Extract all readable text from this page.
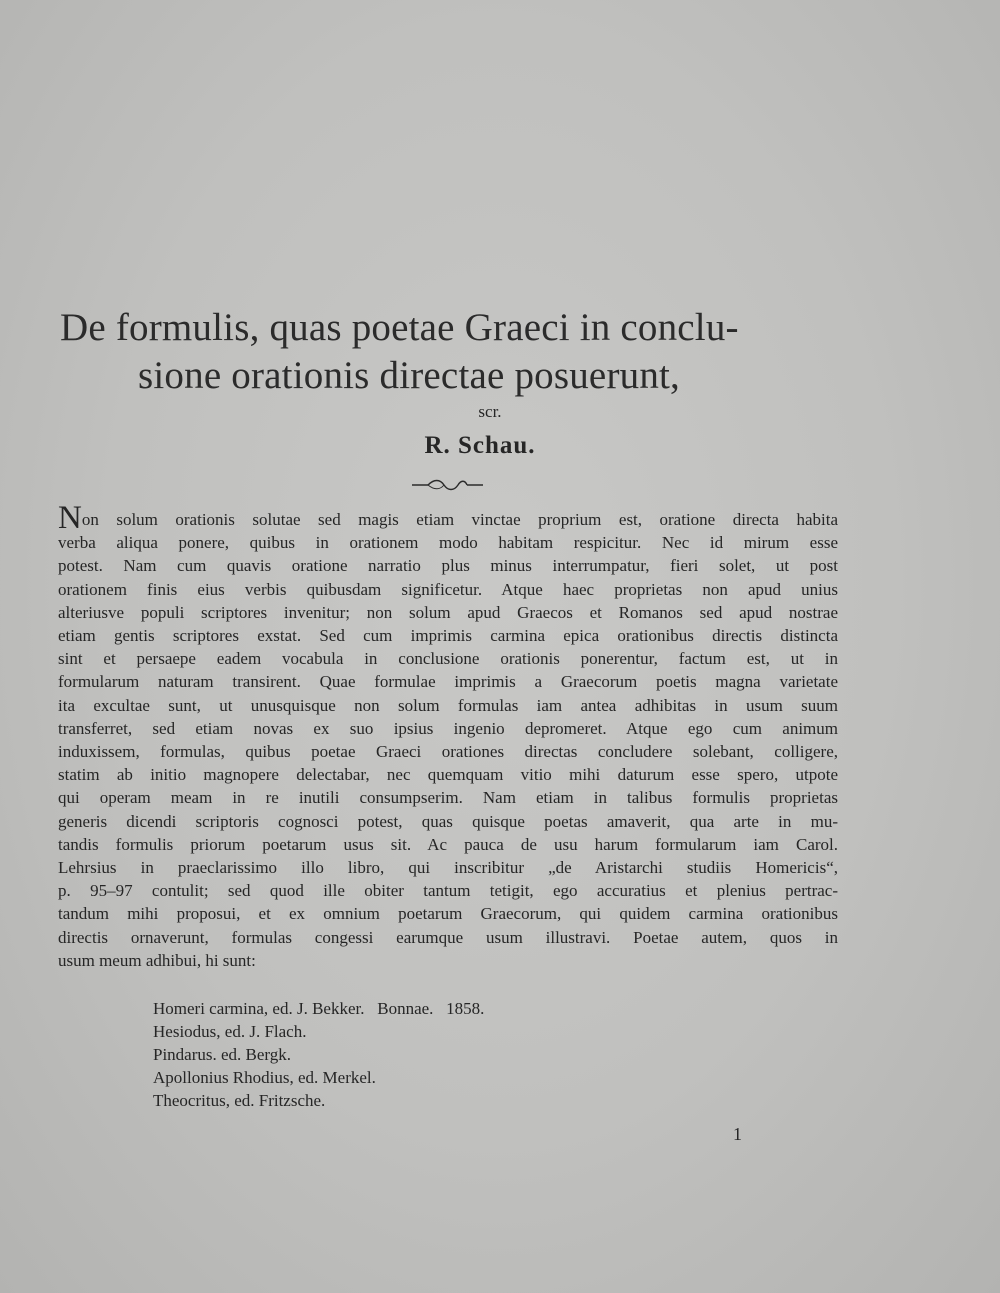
De formulis, quas poetae Graeci in conclu-
sione orationis directae posuerunt,
scr.
R. Schau.
Non solum orationis solutae sed magis etiam vinctae proprium est, oratione directa habita
verba aliqua ponere, quibus in orationem modo habitam respicitur. Nec id mirum esse
potest. Nam cum quavis oratione narratio plus minus interrumpatur, fieri solet, ut post
orationem finis eius verbis quibusdam significetur. Atque haec proprietas non apud unius
alteriusve populi scriptores invenitur; non solum apud Graecos et Romanos sed apud nostrae
etiam gentis scriptores exstat. Sed cum imprimis carmina epica orationibus directis distincta
sint et persaepe eadem vocabula in conclusione orationis ponerentur, factum est, ut in
formularum naturam transirent. Quae formulae imprimis a Graecorum poetis magna varietate
ita excultae sunt, ut unusquisque non solum formulas iam antea adhibitas in usum suum
transferret, sed etiam novas ex suo ipsius ingenio depromeret. Atque ego cum animum
induxissem, formulas, quibus poetae Graeci orationes directas concludere solebant, colligere,
statim ab initio magnopere delectabar, nec quemquam vitio mihi daturum esse spero, utpote
qui operam meam in re inutili consumpserim. Nam etiam in talibus formulis proprietas
generis dicendi scriptoris cognosci potest, quas quisque poetas amaverit, qua arte in mu-
tandis formulis priorum poetarum usus sit. Ac pauca de usu harum formularum iam Carol.
Lehrsius in praeclarissimo illo libro, qui inscribitur „de Aristarchi studiis Homericis“,
p. 95–97 contulit; sed quod ille obiter tantum tetigit, ego accuratius et plenius pertrac-
tandum mihi proposui, et ex omnium poetarum Graecorum, qui quidem carmina orationibus
directis ornaverunt, formulas congessi earumque usum illustravi. Poetae autem, quos in
usum meum adhibui, hi sunt:
Homeri carmina, ed. J. Bekker.   Bonnae.   1858.
Hesiodus, ed. J. Flach.
Pindarus. ed. Bergk.
Apollonius Rhodius, ed. Merkel.
Theocritus, ed. Fritzsche.
1
